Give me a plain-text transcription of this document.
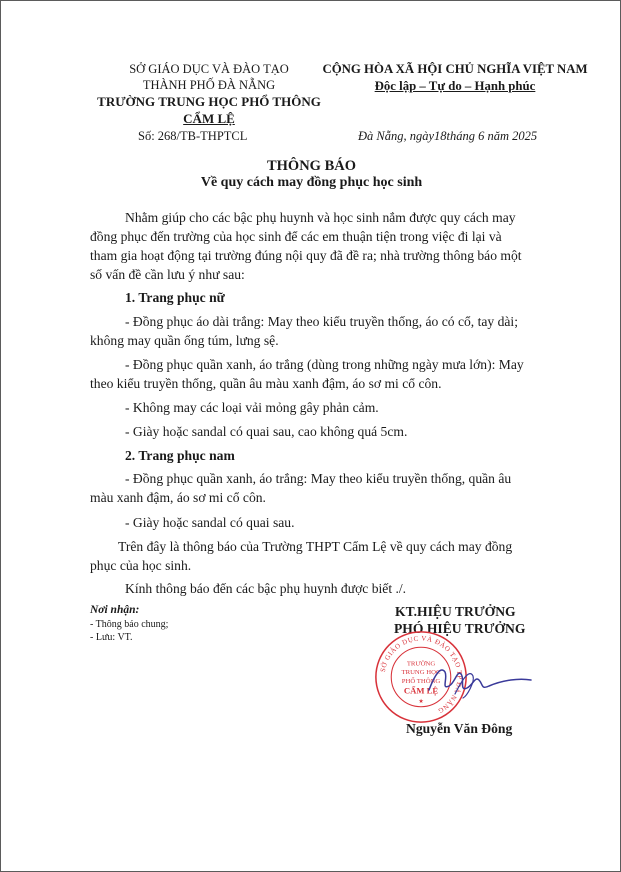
SỞ GIÁO DỤC VÀ ĐÀO TẠO
THÀNH PHỐ ĐÀ NẴNG
TRƯỜNG TRUNG HỌC PHỔ THÔNG
CẨM LỆ
Số: 268/TB-THPTCL
CỘNG HÒA XÃ HỘI CHỦ NGHĨA VIỆT NAM
Độc lập – Tự do – Hạnh phúc
Đà Nẵng, ngày18tháng 6 năm 2025
THÔNG BÁO
Về quy cách may đồng phục học sinh
Nhằm giúp cho các bậc phụ huynh và học sinh nắm được quy cách may
đồng phục đến trường của học sinh để các em thuận tiện trong việc đi lại và
tham gia hoạt động tại trường đúng nội quy đã đề ra; nhà trường thông báo một
số vấn đề cần lưu ý như sau:
1. Trang phục nữ
- Đồng phục áo dài trắng: May theo kiểu truyền thống, áo có cổ, tay dài;
không may quần ống túm, lưng sệ.
- Đồng phục quần xanh, áo trắng (dùng trong những ngày mưa lớn): May
theo kiểu truyền thống, quần âu màu xanh đậm, áo sơ mi cổ côn.
- Không may các loại vải mỏng gây phản cảm.
- Giày hoặc sandal có quai sau, cao không quá 5cm.
2. Trang phục nam
- Đồng phục quần xanh, áo trắng: May theo kiểu truyền thống, quần âu
màu xanh đậm, áo sơ mi cổ côn.
- Giày hoặc sandal có quai sau.
Trên đây là thông báo của Trường THPT Cẩm Lệ về quy cách may đồng
phục của học sinh.
Kính thông báo đến các bậc phụ huynh được biết ./.
Nơi nhận:
- Thông báo chung;
- Lưu: VT.
KT.HIỆU TRƯỞNG
PHÓ HIỆU TRƯỞNG
SỞ GIÁO DỤC VÀ ĐÀO TẠO TP ĐÀ NẴNG
TRƯỜNG
TRUNG HỌC
PHỔ THÔNG
CẨM LỆ
★
Nguyễn Văn Đông
